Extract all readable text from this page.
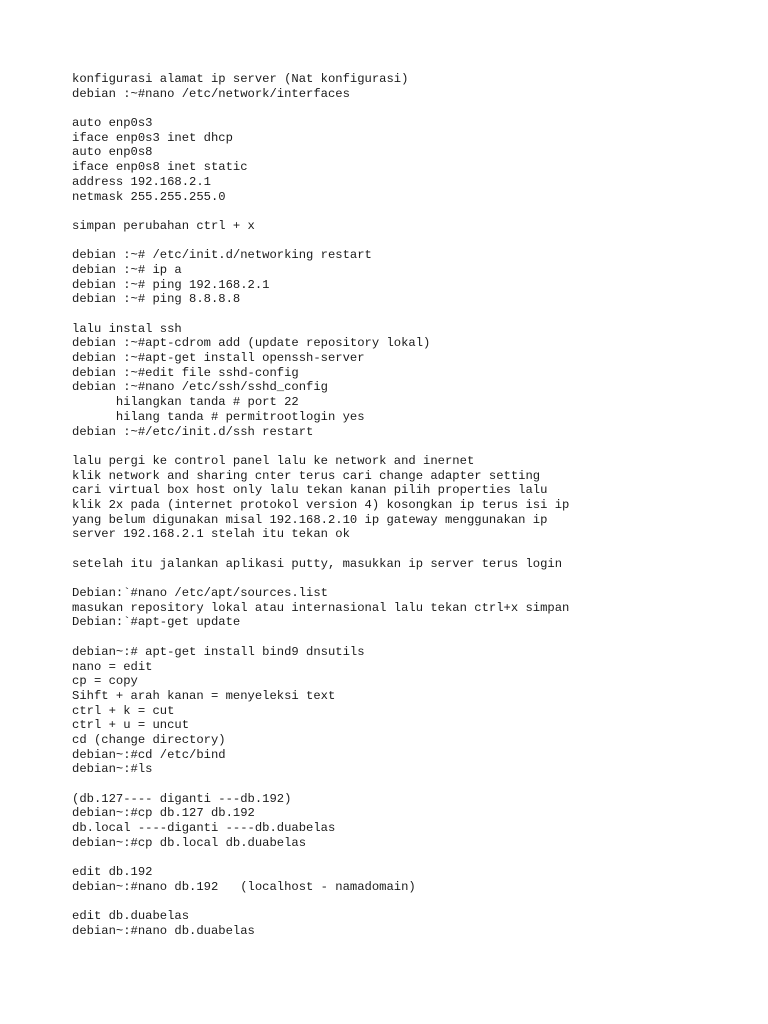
konfigurasi alamat ip server (Nat konfigurasi)
debian :~#nano /etc/network/interfaces
auto enp0s3
iface enp0s3 inet dhcp
auto enp0s8
iface enp0s8 inet static
address 192.168.2.1
netmask 255.255.255.0
simpan perubahan ctrl + x
debian :~# /etc/init.d/networking restart
debian :~# ip a
debian :~# ping 192.168.2.1
debian :~# ping 8.8.8.8
lalu instal ssh
debian :~#apt-cdrom add (update repository lokal)
debian :~#apt-get install openssh-server
debian :~#edit file sshd-config
debian :~#nano /etc/ssh/sshd_config
hilangkan tanda # port 22
hilang tanda # permitrootlogin yes
debian :~#/etc/init.d/ssh restart
lalu pergi ke control panel lalu ke network and inernet
klik network and sharing cnter terus cari change adapter setting
cari virtual box host only lalu tekan kanan pilih properties lalu
klik 2x pada (internet protokol version 4) kosongkan ip terus isi ip
yang belum digunakan misal 192.168.2.10 ip gateway menggunakan ip
server 192.168.2.1 stelah itu tekan ok
setelah itu jalankan aplikasi putty, masukkan ip server terus login
Debian:`#nano /etc/apt/sources.list
masukan repository lokal atau internasional lalu tekan ctrl+x simpan
Debian:`#apt-get update
debian~:# apt-get install bind9 dnsutils
nano = edit
cp = copy
Sihft + arah kanan = menyeleksi text
ctrl + k = cut
ctrl + u = uncut
cd (change directory)
debian~:#cd /etc/bind
debian~:#ls
(db.127---- diganti ---db.192)
debian~:#cp db.127 db.192
db.local ----diganti ----db.duabelas
debian~:#cp db.local db.duabelas
edit db.192
debian~:#nano db.192   (localhost - namadomain)
edit db.duabelas
debian~:#nano db.duabelas
